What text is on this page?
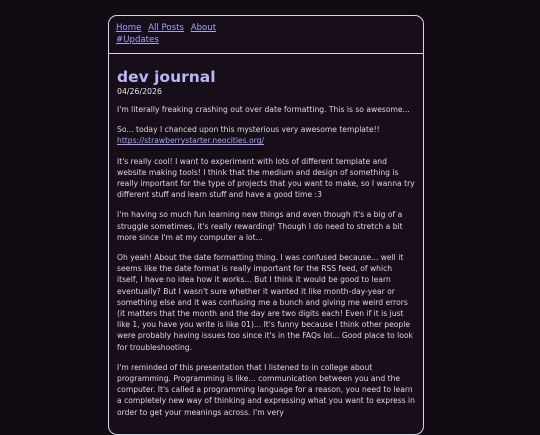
Home All Posts About
#Updates
dev journal
04/26/2026

I'm literally freaking crashing out over date formatting. This is so awesome...

So... today I chanced upon this mysterious very awesome template!!
https://strawberrystarter.neocities.org/

It's really cool! I want to experiment with lots of different template and website making tools! I think that the medium and design of something is really important for the type of projects that you want to make, so I wanna try different stuff and learn stuff and have a good time :3

I'm having so much fun learning new things and even though it's a big of a struggle sometimes, it's really rewarding! Though I do need to stretch a bit more since I'm at my computer a lot...

Oh yeah! About the date formatting thing. I was confused because... well it seems like the date format is really important for the RSS feed, of which itself, I have no idea how it works... But I think it would be good to learn eventually? But I wasn't sure whether it wanted it like month-day-year or something else and it was confusing me a bunch and giving me weird errors (it matters that the month and the day are two digits each! Even if it is just like 1, you have you write is like 01)... It's funny because I think other people were probably having issues too since it's in the FAQs lol... Good place to look for troubleshooting.

I'm reminded of this presentation that I listened to in college about programming. Programming is like... communication between you and the computer. It's called a programming language for a reason, you need to learn a completely new way of thinking and expressing what you want to express in order to get your meanings across. I'm very
